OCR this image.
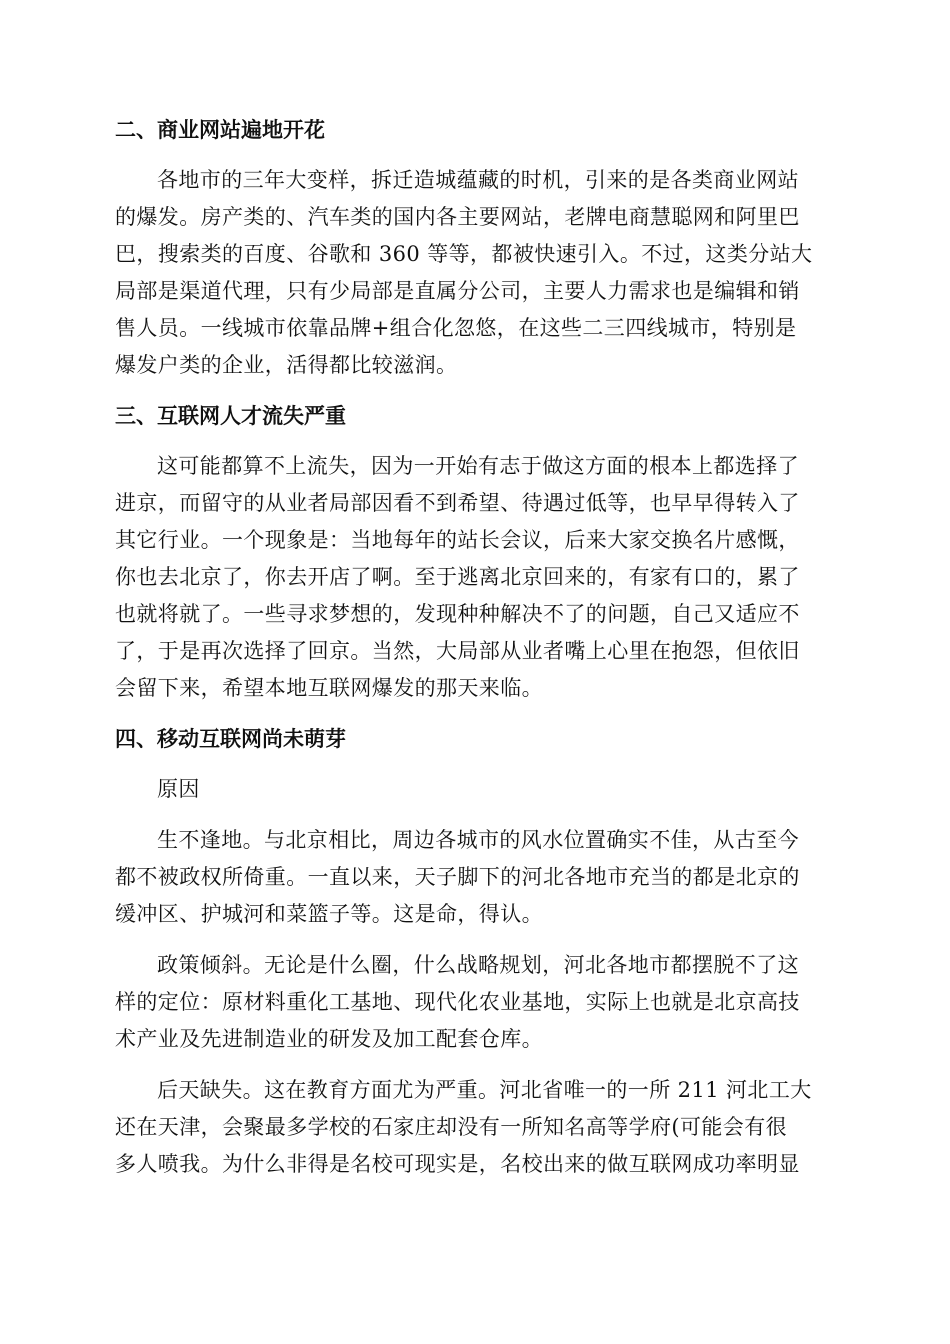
二、商业网站遍地开花

各地市的三年大变样，拆迁造城蕴藏的时机，引来的是各类商业网站
的爆发。房产类的、汽车类的国内各主要网站，老牌电商慧聪网和阿里巴
巴，搜索类的百度、谷歌和 360 等等，都被快速引入。不过，这类分站大
局部是渠道代理，只有少局部是直属分公司，主要人力需求也是编辑和销
售人员。一线城市依靠品牌+组合化忽悠，在这些二三四线城市，特别是
爆发户类的企业，活得都比较滋润。

三、互联网人才流失严重

这可能都算不上流失，因为一开始有志于做这方面的根本上都选择了
进京，而留守的从业者局部因看不到希望、待遇过低等，也早早得转入了
其它行业。一个现象是：当地每年的站长会议，后来大家交换名片感慨，
你也去北京了，你去开店了啊。至于逃离北京回来的，有家有口的，累了
也就将就了。一些寻求梦想的，发现种种解决不了的问题，自己又适应不
了，于是再次选择了回京。当然，大局部从业者嘴上心里在抱怨，但依旧
会留下来，希望本地互联网爆发的那天来临。

四、移动互联网尚未萌芽

原因

生不逢地。与北京相比，周边各城市的风水位置确实不佳，从古至今
都不被政权所倚重。一直以来，天子脚下的河北各地市充当的都是北京的
缓冲区、护城河和菜篮子等。这是命，得认。

政策倾斜。无论是什么圈，什么战略规划，河北各地市都摆脱不了这
样的定位：原材料重化工基地、现代化农业基地，实际上也就是北京高技
术产业及先进制造业的研发及加工配套仓库。

后天缺失。这在教育方面尤为严重。河北省唯一的一所 211 河北工大
还在天津，会聚最多学校的石家庄却没有一所知名高等学府(可能会有很
多人喷我。为什么非得是名校可现实是，名校出来的做互联网成功率明显
